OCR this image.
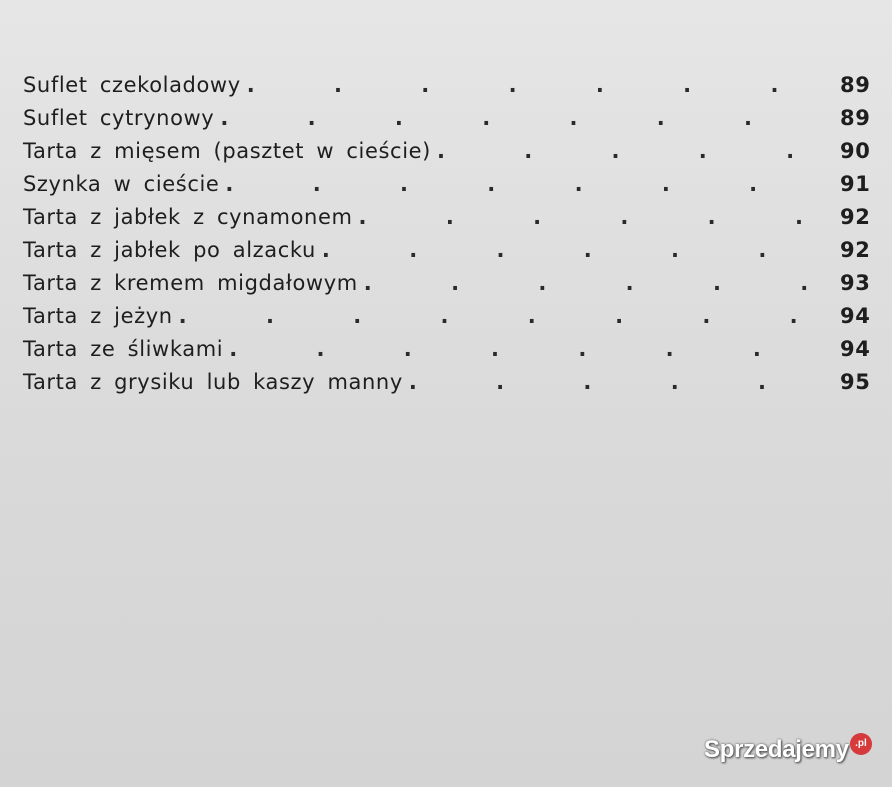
Suflet czekoladowy . . .	89
Suflet cytrynowy . . .	89
Tarta z mięsem (pasztet w cieście) . . .	90
Szynka w cieście . . .	91
Tarta z jabłek z cynamonem . . .	92
Tarta z jabłek po alzacku . . .	92
Tarta z kremem migdałowym . . .	93
Tarta z jeżyn . . .	94
Tarta ze śliwkami . . .	94
Tarta z grysiku lub kaszy manny . . .	95
Sprzedajemy .pl
